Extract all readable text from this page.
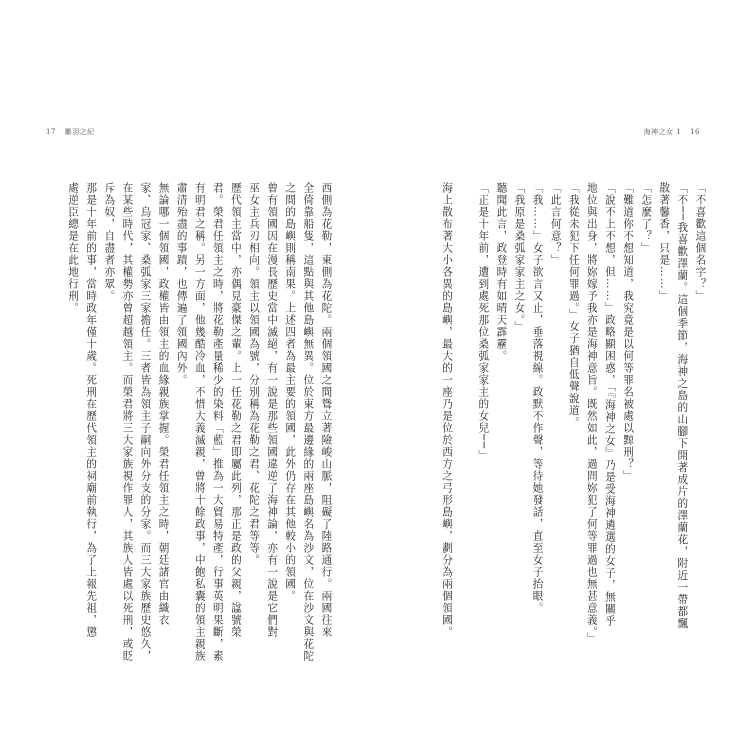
17 雛羽之紀

西側為花勒，東側為花陀。兩個領國之間聳立著險峻山脈，阻礙了陸路通行。兩國往來

全倚靠船隻，這點與其他島嶼無異。位於東方最邊緣的兩座島嶼名為沙文，位在沙文與花陀

之間的島嶼則稱南果。上述四者為最主要的領國，此外仍存在其他較小的領國。

曾有領國因在漫長歷史當中滅絕，有一說是那些領國違逆了海神論，亦有一說是它們對

巫女主兵刃相向。領主以領國為號，分別稱為花勒之君、花陀之君等等。

歷代領主當中，亦偶見豪傑之輩。上一任花勒之君即屬此列，那正是政的父親，諡號榮

君。榮君任領主之時，將花勒產量稀少的染料「藍」推為一大貿易特產，行事英明果斷，素

有明君之稱。另一方面，他幾酷冷血，不惜大義滅親，曾將十餘政事，中飽私囊的領主親族

肅清殆盡的事蹟，也傳遍了領國內外。

無論哪一個領國，政權皆由領主的血緣親族掌握。榮君任領主之時，朝廷諸官由織衣

家、烏冠家、桑弧家三家擔任。三者皆為領主子嗣向外分支的分家。而三大家族歷史悠久，

在某些時代，其權勢亦曾超越領主。而榮君將三大家族視作罪人，其族人皆處以死刑，或貶

斥為奴，自盡者亦眾。

那是十年前的事，當時政年僅十歲。死刑在歷代領主的祠廟前執行，為了上報先祖，懲

處逆臣總是在此地行刑。

海神之女 1 16

「不喜歡這個名字？」

「不──我喜歡澤蘭。這個季節，海神之島的山腳下開著成片的澤蘭花，附近一帶都飄

散著馨香，只是……」

「怎麼了？」

「難道你不想知道，我究竟是以何等罪名被處以黥刑？」

「說不上不想，但……」政略顯困惑，「『海神之女』乃是受海神遴選的女子，無關乎

地位與出身，將妳嫁予我亦是海神意旨。既然如此，過問妳犯了何等罪過也無甚意義。」

「我從未犯下任何罪過。」女子猶自低聲說道。

「此言何意？」

「我……」女子欲言又止，垂落視線。政默不作聲，等待她發話，直至女子抬眼。

「我原是桑弧家家主之女。」

聽聞此言，政登時有如晴天霹靂。

「正是十年前，遭到處死那位桑弧家家主的女兒──」

海上散布著大小各異的島嶼，最大的一座乃是位於西方之弓形島嶼，劃分為兩個領國。
